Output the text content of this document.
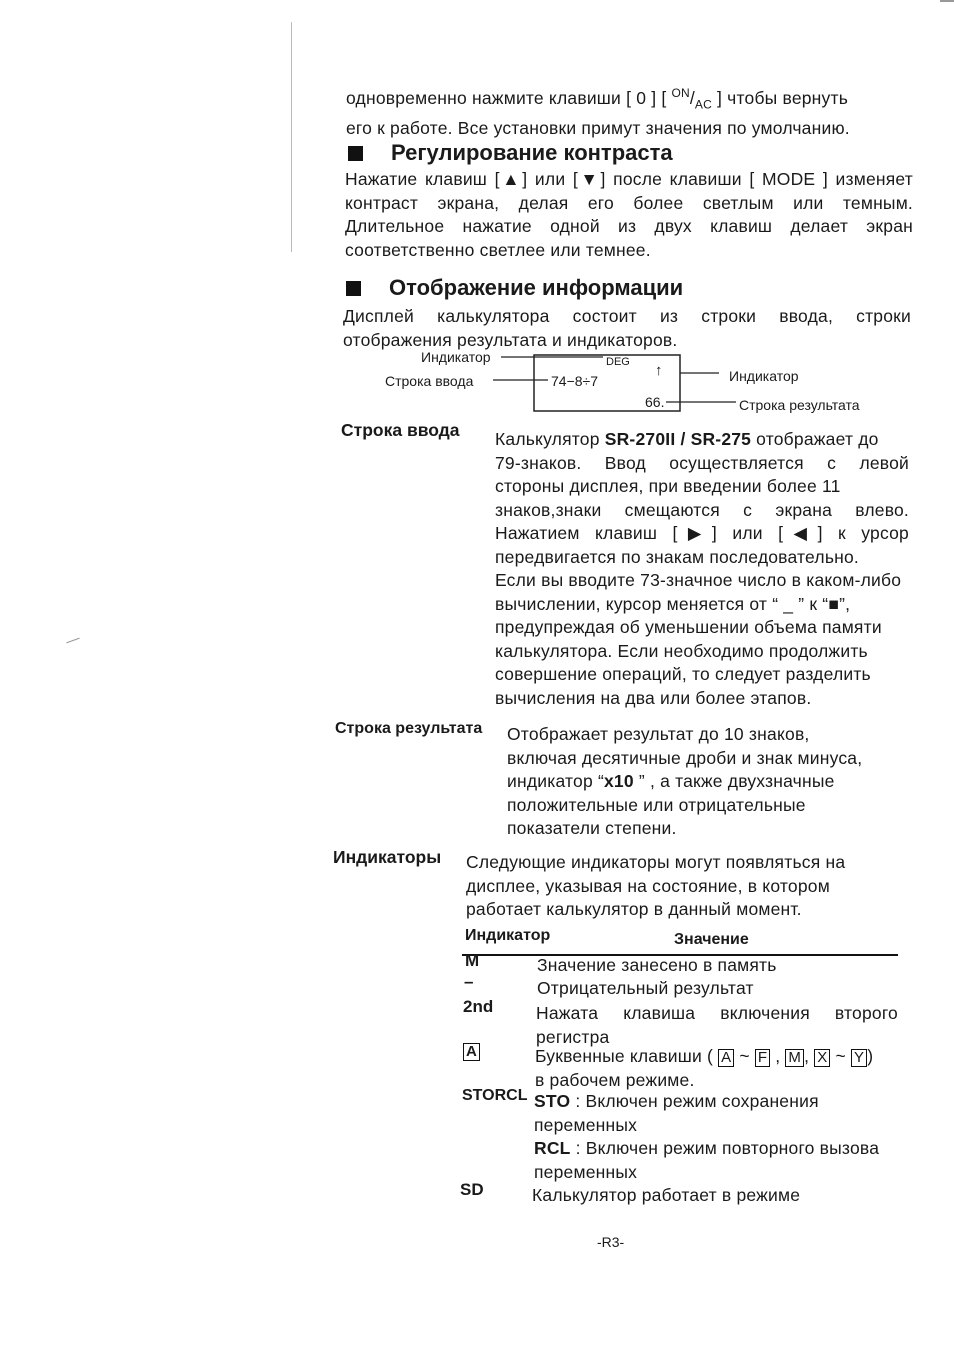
одновременно нажмите клавиши [ 0 ] [ $^{ON}/_{AC}$ ] чтобы вернуть
его к работе. Все установки примут значения по умолчанию.
Регулирование контраста
Нажатие клавиш [▲] или [▼] после клавиши [ MODE ] изменяет
контраст экрана, делая его более светлым или темным.
Длительное нажатие одной из двух клавиш делает экран
соответственно светлее или темнее.
Отображение информации
Дисплей калькулятора состоит из строки ввода, строки
отображения результата и индикаторов.
Индикатор
Строка ввода	Индикатор
Строка результата
DEG ↑
74−8÷7
66.
Строка ввода Калькулятор SR-270II / SR-275 отображает до
79-знаков. Ввод осуществляется с левой
стороны дисплея, при введении более 11
знаков,знаки смещаются с экрана влево.
Нажатием клавиш [▶] или [◀] к урсор
передвигается по знакам последовательно.
Если вы вводите 73-значное число в каком-либо
вычислении, курсор меняется от “ _ ” к “■”,
предупреждая об уменьшении объема памяти
калькулятора. Если необходимо продолжить
совершение операций, то следует разделить
вычисления на два или более этапов.
Строка результата Отображает результат до 10 знаков,
включая десятичные дроби и знак минуса,
индикатор “x10 ” , а также двухзначные
положительные или отрицательные
показатели степени.
Индикаторы Следующие индикаторы могут появляться на
дисплее, указывая на состояние, в котором
работает калькулятор в данный момент.
Индикатор	Значение
M	Значение занесено в память
–	Отрицательный результат
2nd Нажата клавиша включения второго
регистра
A	Буквенные клавиши ( A ~ F , M , X ~ Y )
в рабочем режиме.
STORCL STO : Включен режим сохранения
переменных
RCL : Включен режим повторного вызова
переменных
SD	Калькулятор работает в режиме
-R3-
